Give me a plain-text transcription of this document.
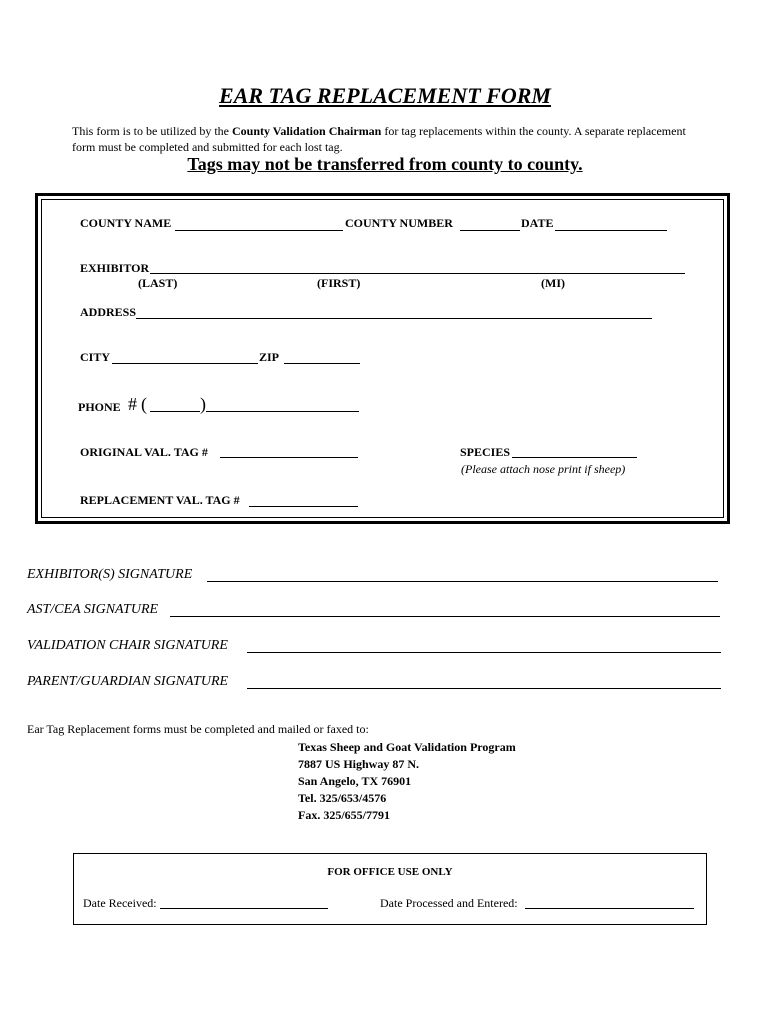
EAR TAG REPLACEMENT FORM
This form is to be utilized by the County Validation Chairman for tag replacements within the county. A separate replacement form must be completed and submitted for each lost tag.
Tags may not be transferred from county to county.
COUNTY NAME	COUNTY NUMBER	DATE
EXHIBITOR
(LAST)	(FIRST)	(MI)
ADDRESS
CITY	ZIP
PHONE # (	)
ORIGINAL VAL. TAG #	SPECIES
(Please attach nose print if sheep)
REPLACEMENT VAL. TAG #
EXHIBITOR(S) SIGNATURE
AST/CEA SIGNATURE
VALIDATION CHAIR SIGNATURE
PARENT/GUARDIAN SIGNATURE
Ear Tag Replacement forms must be completed and mailed or faxed to:
Texas Sheep and Goat Validation Program
7887 US Highway 87 N.
San Angelo, TX 76901
Tel. 325/653/4576
Fax. 325/655/7791
FOR OFFICE USE ONLY
Date Received:	Date Processed and Entered:
